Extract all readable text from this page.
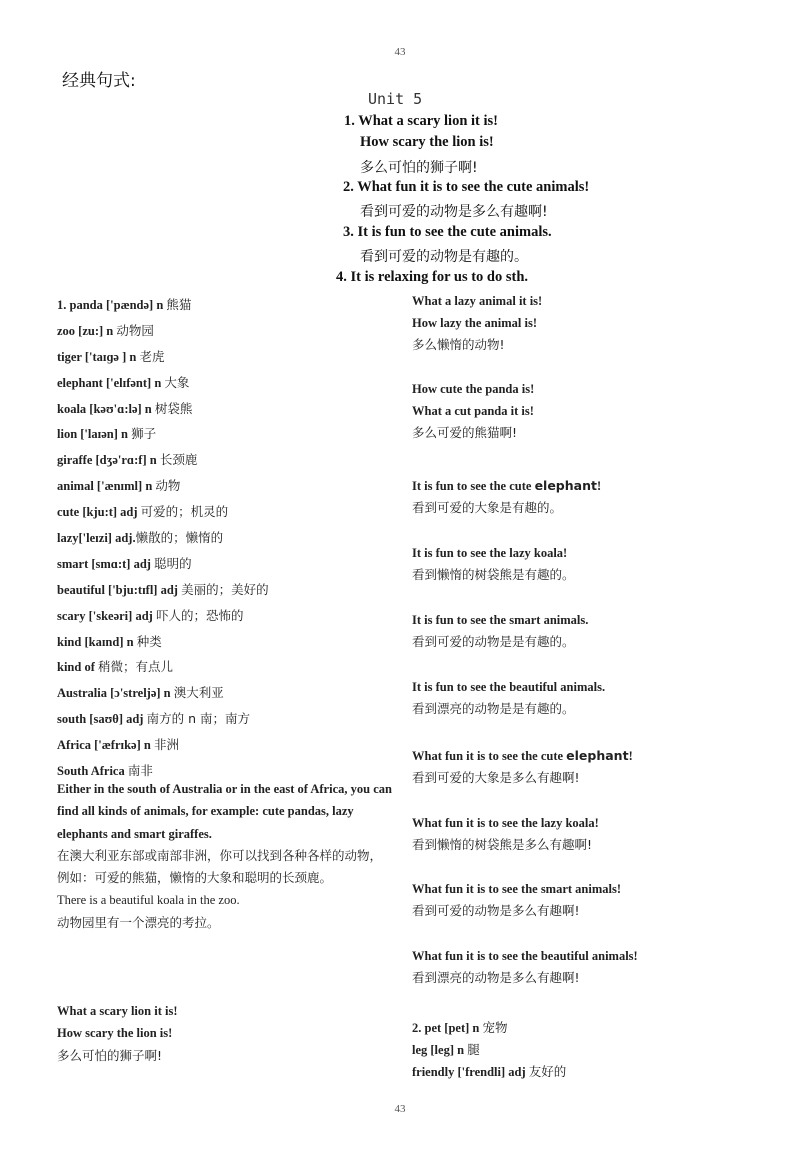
43
经典句式:
Unit 5
1. What a scary lion it is!
How scary the lion is!
多么可怕的狮子啊!
2. What fun it is to see the cute animals!
看到可爱的动物是多么有趣啊!
3. It is fun to see the cute animals.
看到可爱的动物是有趣的。
4. It is relaxing for us to do sth.
1. panda ['pændə] n 熊猫
zoo [zu:] n 动物园
tiger ['taɪɡə ] n 老虎
elephant ['elɪfənt] n 大象
koala [kəʊ'ɑ:lə] n 树袋熊
lion ['laɪən] n 狮子
giraffe [dʒə'rɑ:f] n 长颈鹿
animal ['ænɪml] n 动物
cute [kju:t] adj 可爱的；机灵的
lazy['leɪzi] adj.懒散的；懒惰的
smart [smɑ:t] adj 聪明的
beautiful ['bju:tɪfl] adj 美丽的；美好的
scary ['skeəri] adj 吓人的；恐怖的
kind [kaɪnd] n 种类
kind of 稍微；有点儿
Australia [ɔ'streljə] n 澳大利亚
south [saʊθ] adj 南方的 n 南；南方
Africa ['æfrɪkə] n 非洲
South Africa 南非
Either in the south of Australia or in the east of Africa, you can find all kinds of animals, for example: cute pandas, lazy elephants and smart giraffes.
在澳大利亚东部或南部非洲，你可以找到各种各样的动物，例如：可爱的熊猫，懒惰的大象和聪明的长颈鹿。
There is a beautiful koala in the zoo.
动物园里有一个漂亮的考拉。
What a scary lion it is!
How scary the lion is!
多么可怕的狮子啊!
What a lazy animal it is!
How lazy the animal is!
多么懒惰的动物!
How cute the panda is!
What a cut panda it is!
多么可爱的熊猫啊!
It is fun to see the cute elephant!
看到可爱的大象是有趣的。
It is fun to see the lazy koala!
看到懒惰的树袋熊是有趣的。
It is fun to see the smart animals.
看到可爱的动物是是有趣的。
It is fun to see the beautiful animals.
看到漂亮的动物是是有趣的。
What fun it is to see the cute elephant!
看到可爱的大象是多么有趣啊!
What fun it is to see the lazy koala!
看到懒惰的树袋熊是多么有趣啊!
What fun it is to see the smart animals!
看到可爱的动物是多么有趣啊!
What fun it is to see the beautiful animals!
看到漂亮的动物是多么有趣啊!
2. pet [pet] n 宠物
leg [leg] n 腿
friendly ['frendli] adj 友好的
43
